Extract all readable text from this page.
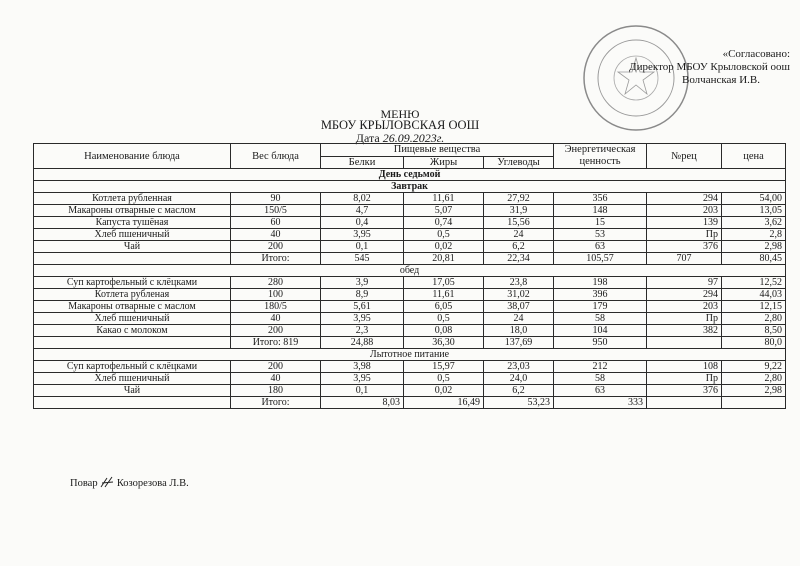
«Согласовано:
Директор МБОУ Крыловской оош
Волчанская И.В.
МЕНЮ
МБОУ КРЫЛОВСКАЯ ООШ
Дата 26.09.2023г.
Наименование блюда	Вес блюда	Пищевые вещества			Энергетическая ценность	№рец	цена
		Белки	Жиры	Углеводы			
День седьмой							
Завтрак							
Котлета рубленная	90	8,02	11,61	27,92	356	294	54,00
Макароны отварные с маслом	150/5	4,7	5,07	31,9	148	203	13,05
Капуста тушёная	60	0,4	0,74	15,56	15	139	3,62
Хлеб пшеничный	40	3,95	0,5	24	53	Пр	2,8
Чай	200	0,1	0,02	6,2	63	376	2,98
	Итого:	545	20,81	22,34	105,57	707	80,45
обед							
Суп картофельный с клёцками	280	3,9	17,05	23,8	198	97	12,52
Котлета рубленая	100	8,9	11,61	31,02	396	294	44,03
Макароны отварные с маслом	180/5	5,61	6,05	38,07	179	203	12,15
Хлеб пшеничный	40	3,95	0,5	24	58	Пр	2,80
Какао с молоком	200	2,3	0,08	18,0	104	382	8,50
	Итого: 819	24,88	36,30	137,69	950		80,0
Лытотное питание							
Суп картофельный с клёцками	200	3,98	15,97	23,03	212	108	9,22
Хлеб пшеничный	40	3,95	0,5	24,0	58	Пр	2,80
Чай	180	0,1	0,02	6,2	63	376	2,98
	Итого:	8,03	16,49	53,23	333		

Повар Козорезова Л.В.
